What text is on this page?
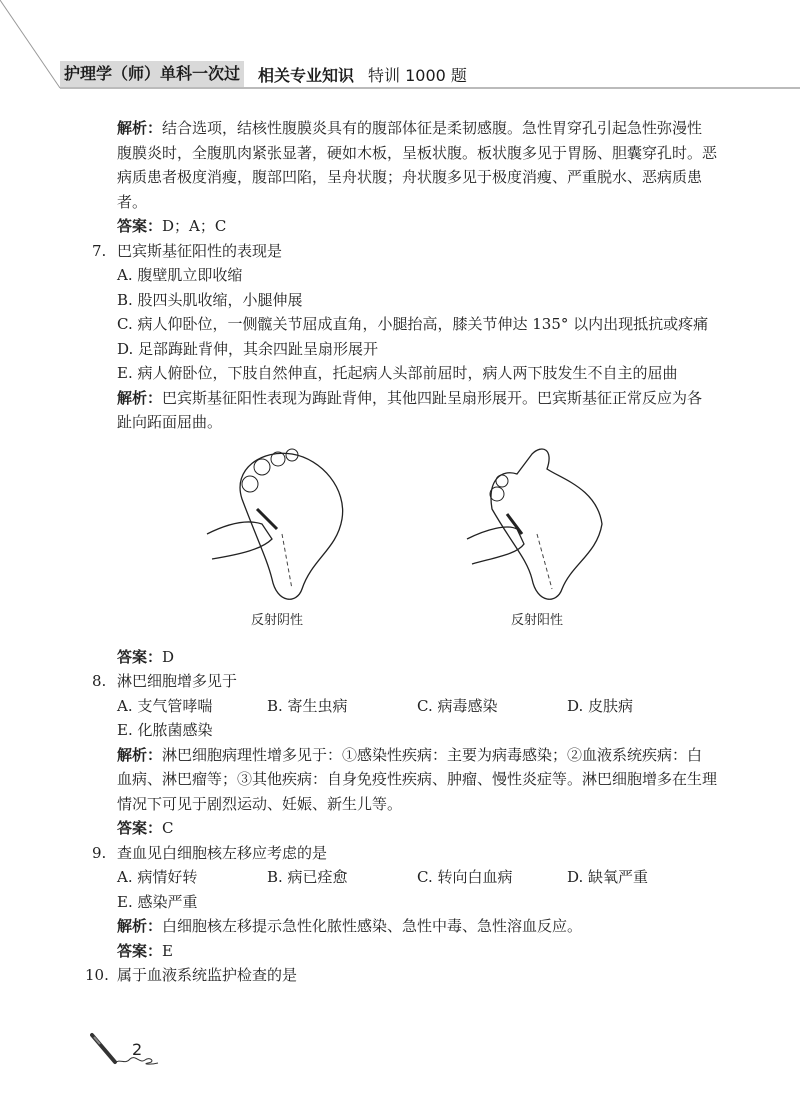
护理学（师）单科一次过 相关专业知识 特训 1000 题
解析：结合选项，结核性腹膜炎具有的腹部体征是柔韧感腹。急性胃穿孔引起急性弥漫性腹膜炎时，全腹肌肉紧张显著，硬如木板，呈板状腹。板状腹多见于胃肠、胆囊穿孔时。恶病质患者极度消瘦，腹部凹陷，呈舟状腹；舟状腹多见于极度消瘦、严重脱水、恶病质患者。
答案：D；A；C
7. 巴宾斯基征阳性的表现是
A. 腹壁肌立即收缩
B. 股四头肌收缩，小腿伸展
C. 病人仰卧位，一侧髋关节屈成直角，小腿抬高，膝关节伸达 135° 以内出现抵抗或疼痛
D. 足部踇趾背伸，其余四趾呈扇形展开
E. 病人俯卧位，下肢自然伸直，托起病人头部前屈时，病人两下肢发生不自主的屈曲
解析：巴宾斯基征阳性表现为踇趾背伸，其他四趾呈扇形展开。巴宾斯基征正常反应为各趾向跖面屈曲。
反射阴性	反射阳性
答案：D
8. 淋巴细胞增多见于
A. 支气管哮喘	B. 寄生虫病	C. 病毒感染	D. 皮肤病
E. 化脓菌感染
解析：淋巴细胞病理性增多见于：①感染性疾病：主要为病毒感染；②血液系统疾病：白血病、淋巴瘤等；③其他疾病：自身免疫性疾病、肿瘤、慢性炎症等。淋巴细胞增多在生理情况下可见于剧烈运动、妊娠、新生儿等。
答案：C
9. 查血见白细胞核左移应考虑的是
A. 病情好转	B. 病已痊愈	C. 转向白血病	D. 缺氧严重
E. 感染严重
解析：白细胞核左移提示急性化脓性感染、急性中毒、急性溶血反应。
答案：E
10. 属于血液系统监护检查的是
2
